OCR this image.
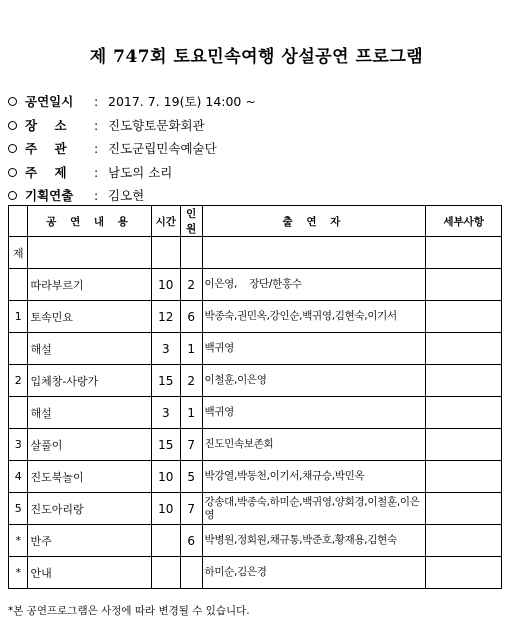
제 747회 토요민속여행 상설공연 프로그램
공연일시 : 2017. 7. 19(토) 14:00 ~
장    소 : 진도향토문화회관
주    관 : 진도군립민속예술단
주    제 : 남도의 소리
기획연출 : 김오현
	공 연 내 용	시간	인원	출 연 자	세부사항
제				

	따라부르기	10	2	이은영,    장단/한홍수	

1	토속민요	12	6	박종숙,권민옥,강인순,백귀영,김현숙,이기서	

	해설	3	1	백귀영	

2	입체창-사랑가	15	2	이철훈,이은영	

	해설	3	1	백귀영	

3	살풀이	15	7	진도민속보존회	

4	진도북놀이	10	5	박강열,박동천,이기서,채규승,박민옥	

5	진도아리랑	10	7	강송대,박종숙,하미순,백귀영,양회경,이철훈,이은영	

*	반주		6	박병원,정회원,채규통,박준호,황재용,김현숙	

*	안내			하미순,김은경	

*본 공연프로그램은 사정에 따라 변경될 수 있습니다.
